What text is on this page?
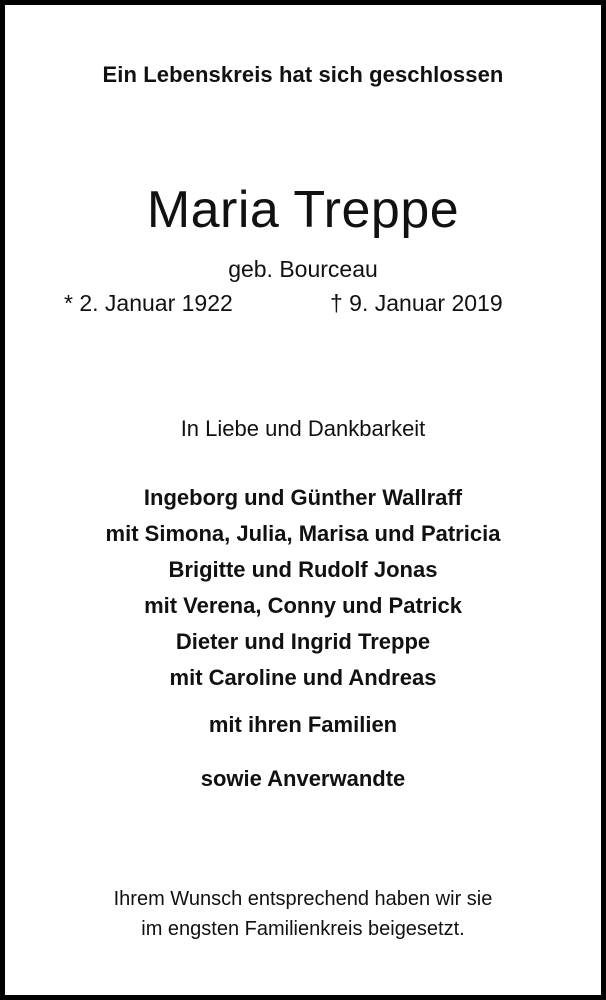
Ein Lebenskreis hat sich geschlossen
Maria Treppe
geb. Bourceau
* 2. Januar 1922	† 9. Januar 2019
In Liebe und Dankbarkeit
Ingeborg und Günther Wallraff
mit Simona, Julia, Marisa und Patricia
Brigitte und Rudolf Jonas
mit Verena, Conny und Patrick
Dieter und Ingrid Treppe
mit Caroline und Andreas
mit ihren Familien
sowie Anverwandte
Ihrem Wunsch entsprechend haben wir sie
im engsten Familienkreis beigesetzt.
